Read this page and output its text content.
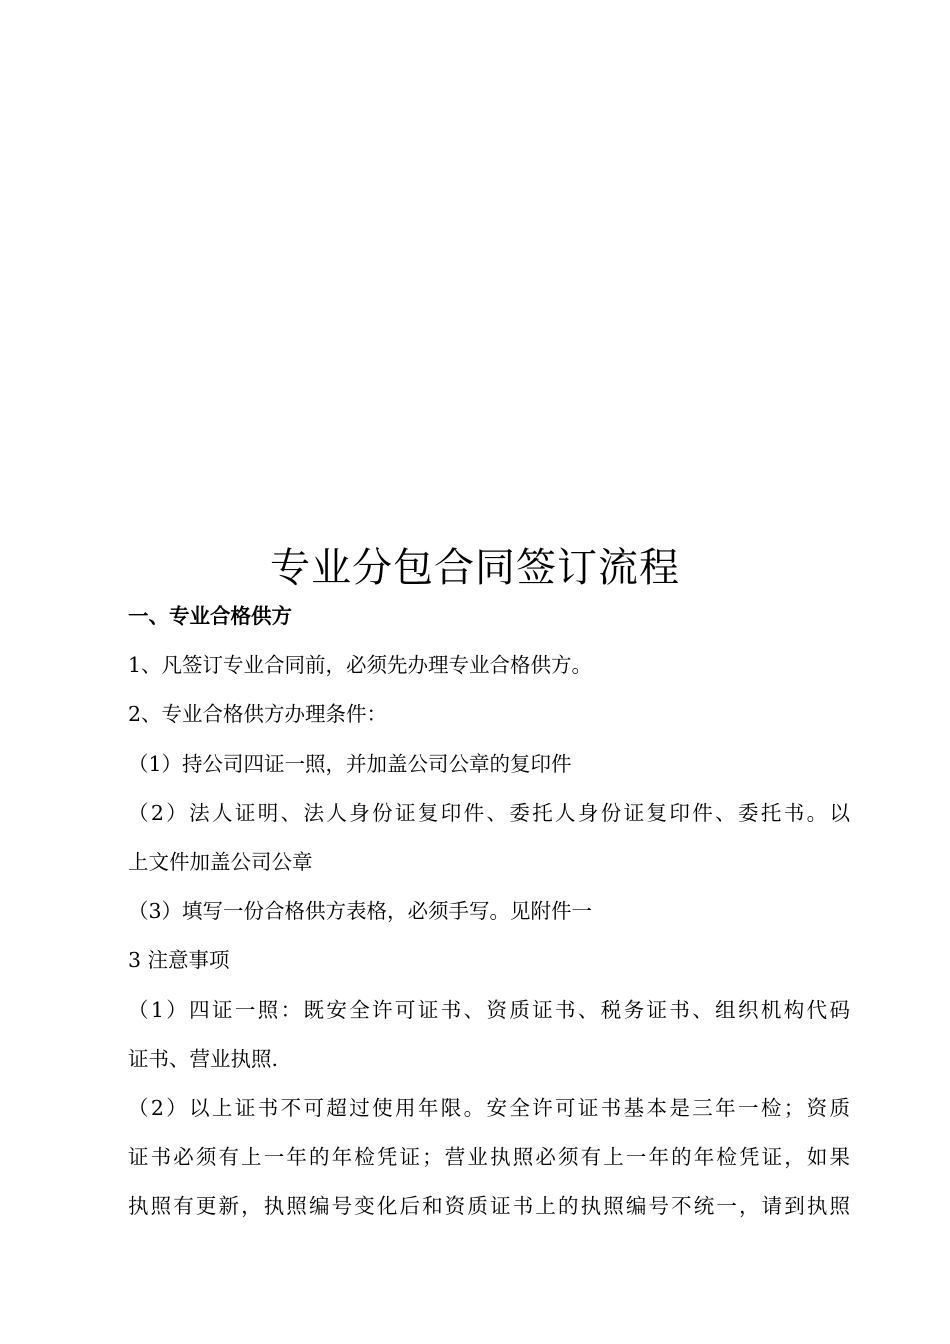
专业分包合同签订流程
一、专业合格供方
1、凡签订专业合同前，必须先办理专业合格供方。
2、专业合格供方办理条件：
（1）持公司四证一照，并加盖公司公章的复印件
（2）法人证明、法人身份证复印件、委托人身份证复印件、委托书。以
上文件加盖公司公章
（3）填写一份合格供方表格，必须手写。见附件一
3 注意事项
（1）四证一照：既安全许可证书、资质证书、税务证书、组织机构代码
证书、营业执照.
（2）以上证书不可超过使用年限。安全许可证书基本是三年一检；资质
证书必须有上一年的年检凭证；营业执照必须有上一年的年检凭证，如果
执照有更新，执照编号变化后和资质证书上的执照编号不统一，请到执照
